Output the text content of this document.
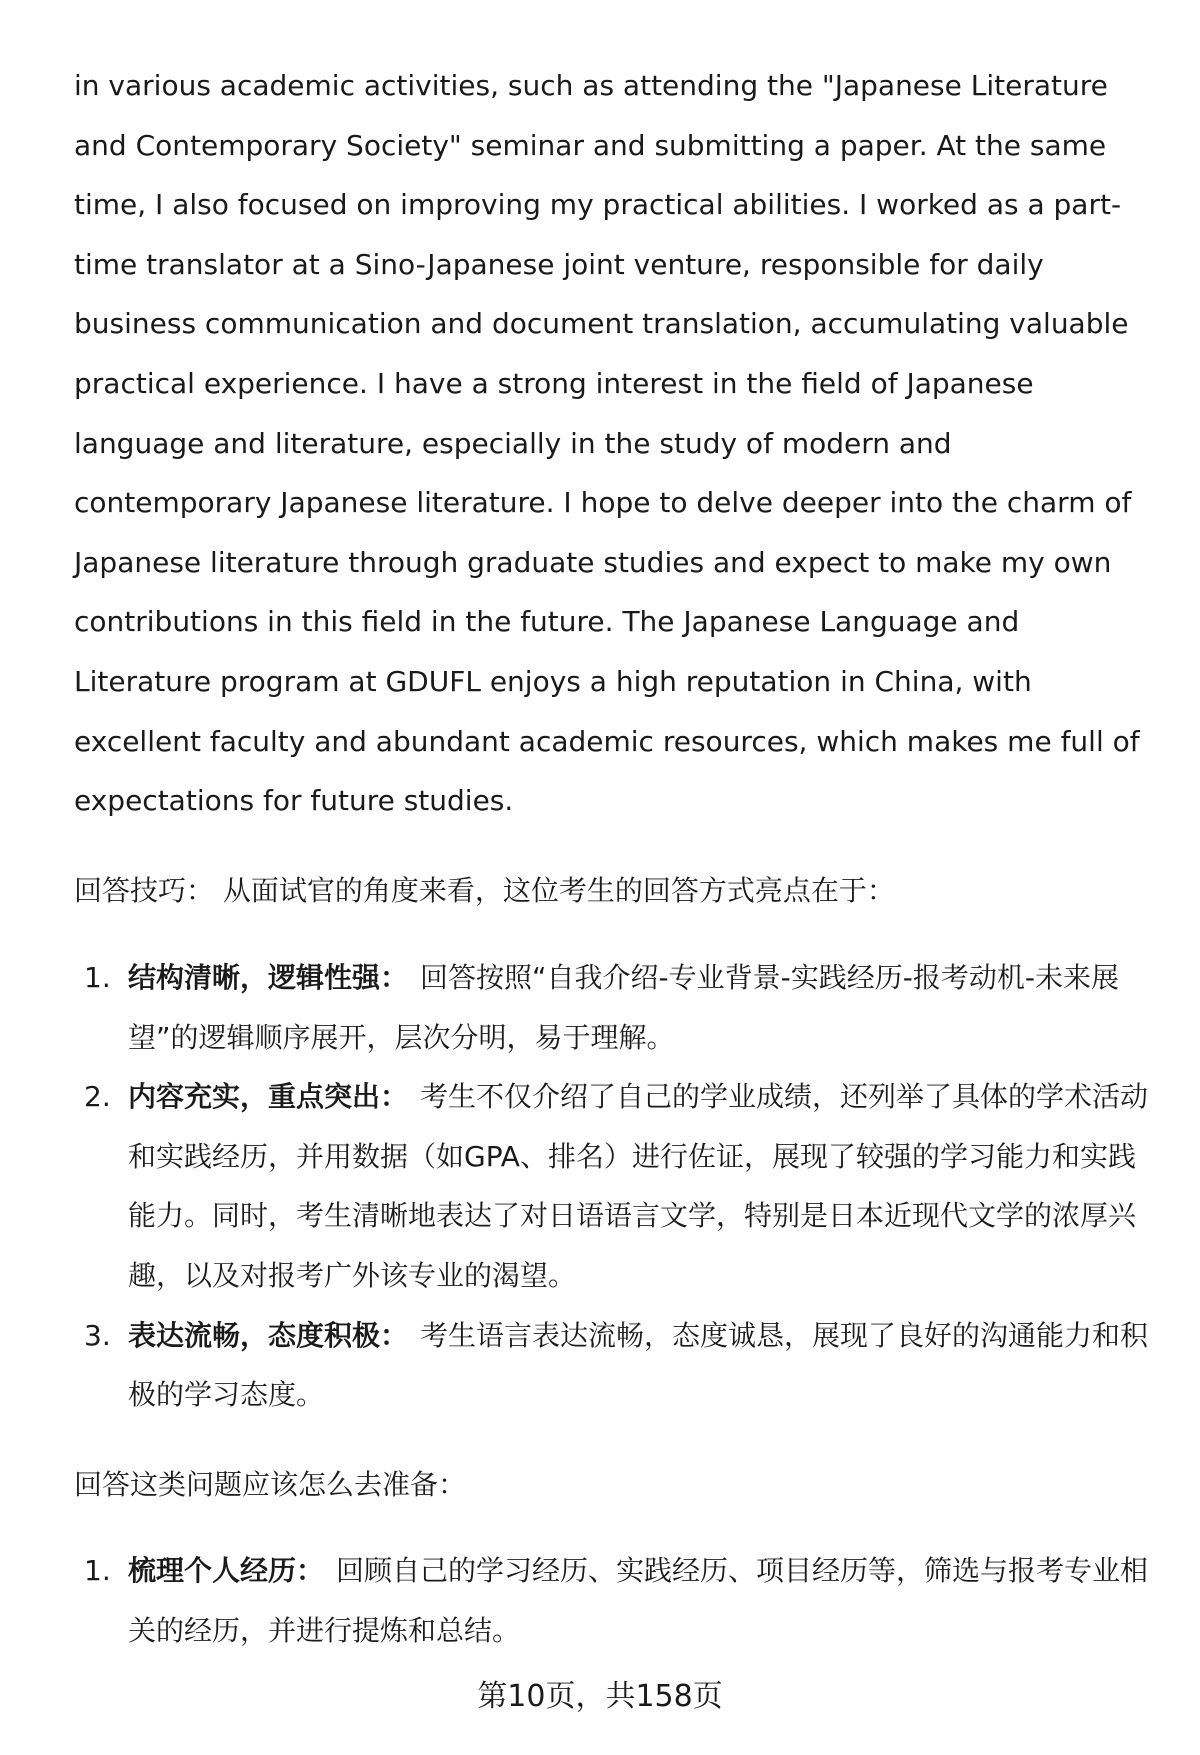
in various academic activities, such as attending the "Japanese Literature and Contemporary Society" seminar and submitting a paper. At the same time, I also focused on improving my practical abilities. I worked as a part-time translator at a Sino-Japanese joint venture, responsible for daily business communication and document translation, accumulating valuable practical experience. I have a strong interest in the field of Japanese language and literature, especially in the study of modern and contemporary Japanese literature. I hope to delve deeper into the charm of Japanese literature through graduate studies and expect to make my own contributions in this field in the future. The Japanese Language and Literature program at GDUFL enjoys a high reputation in China, with excellent faculty and abundant academic resources, which makes me full of expectations for future studies.

回答技巧： 从面试官的角度来看，这位考生的回答方式亮点在于：

1. 结构清晰，逻辑性强： 回答按照“自我介绍-专业背景-实践经历-报考动机-未来展望”的逻辑顺序展开，层次分明，易于理解。
2. 内容充实，重点突出： 考生不仅介绍了自己的学业成绩，还列举了具体的学术活动和实践经历，并用数据（如GPA、排名）进行佐证，展现了较强的学习能力和实践能力。同时，考生清晰地表达了对日语语言文学，特别是日本近现代文学的浓厚兴趣，以及对报考广外该专业的渴望。
3. 表达流畅，态度积极： 考生语言表达流畅，态度诚恳，展现了良好的沟通能力和积极的学习态度。

回答这类问题应该怎么去准备：

1. 梳理个人经历： 回顾自己的学习经历、实践经历、项目经历等，筛选与报考专业相关的经历，并进行提炼和总结。
第10页，共158页
